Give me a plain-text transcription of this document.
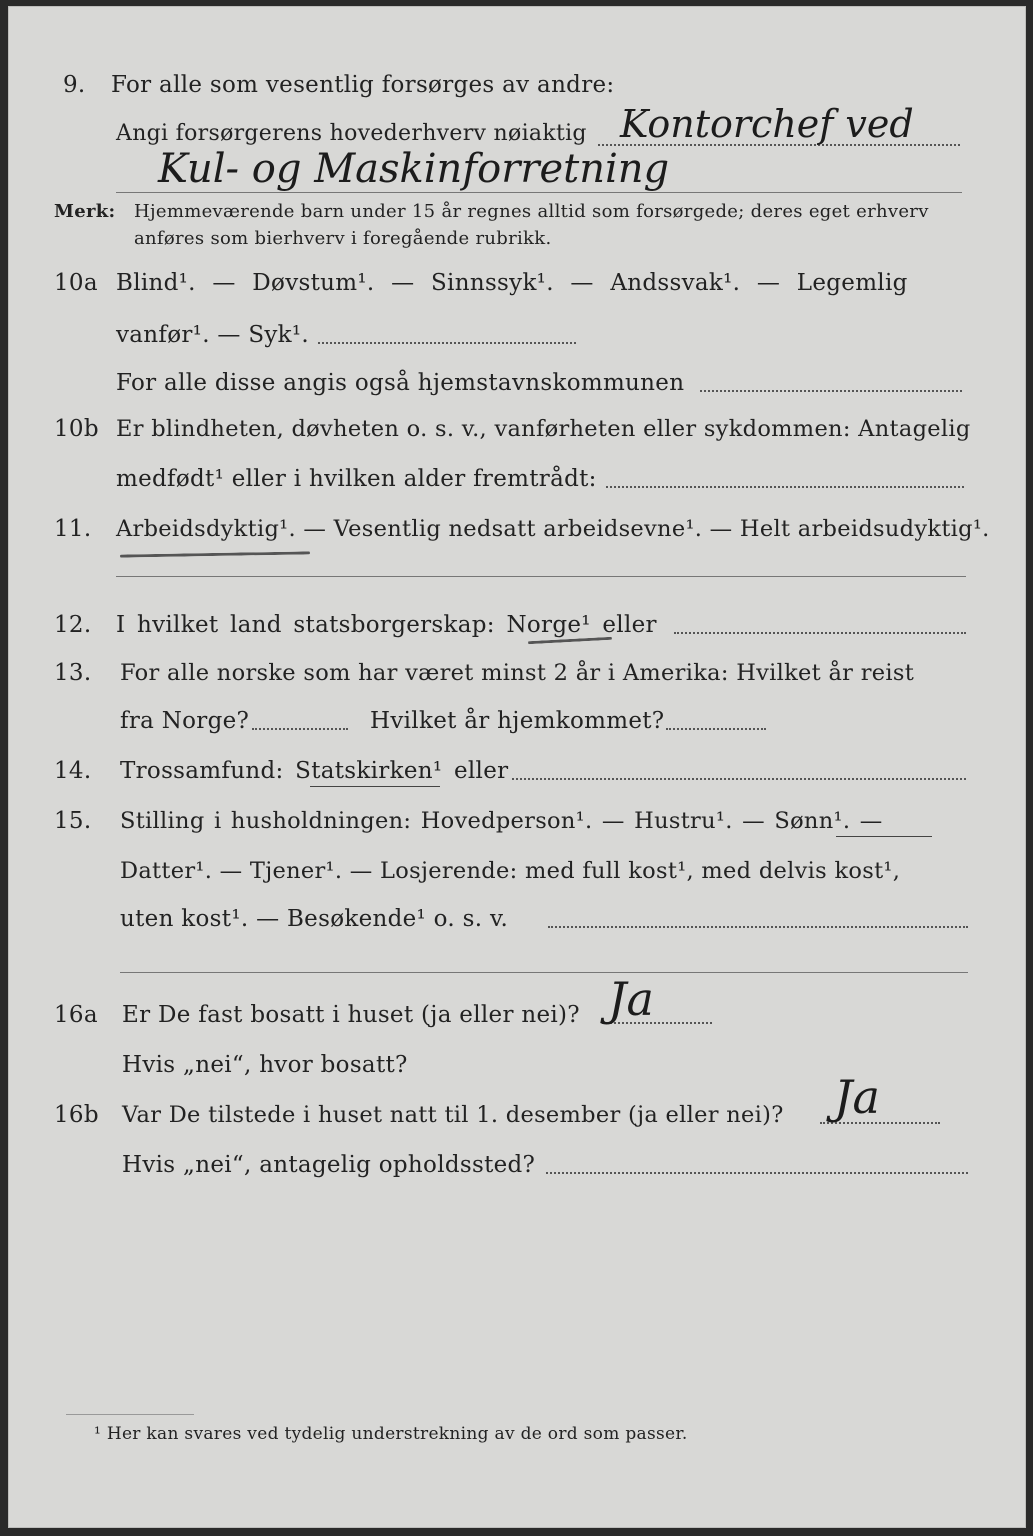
9. For alle som vesentlig forsørges av andre:
Angi forsørgerens hovederhverv nøiaktig Kontorchef ved
Kul- og Maskinforretning
Merk: Hjemmeværende barn under 15 år regnes alltid som forsørgede; deres eget erhverv
anføres som bierhverv i foregående rubrikk.
10a Blind¹. — Døvstum¹. — Sinnssyk¹. — Andssvak¹. — Legemlig
vanfør¹. — Syk¹.
For alle disse angis også hjemstavnskommunen
10b Er blindheten, døvheten o. s. v., vanførheten eller sykdommen: Antagelig
medfødt¹ eller i hvilken alder fremtrådt:
11. Arbeidsdyktig¹. — Vesentlig nedsatt arbeidsevne¹. — Helt arbeidsudyktig¹.
12. I hvilket land statsborgerskap: Norge¹ eller
13. For alle norske som har været minst 2 år i Amerika: Hvilket år reist
fra Norge?	Hvilket år hjemkommet?
14. Trossamfund: Statskirken¹ eller
15. Stilling i husholdningen: Hovedperson¹. — Hustru¹. — Sønn¹. —
Datter¹. — Tjener¹. — Losjerende: med full kost¹, med delvis kost¹,
uten kost¹. — Besøkende¹ o. s. v.
16a Er De fast bosatt i huset (ja eller nei)? Ja
Hvis „nei“, hvor bosatt?
16b Var De tilstede i huset natt til 1. desember (ja eller nei)? Ja
Hvis „nei“, antagelig opholdssted?
¹ Her kan svares ved tydelig understrekning av de ord som passer.
